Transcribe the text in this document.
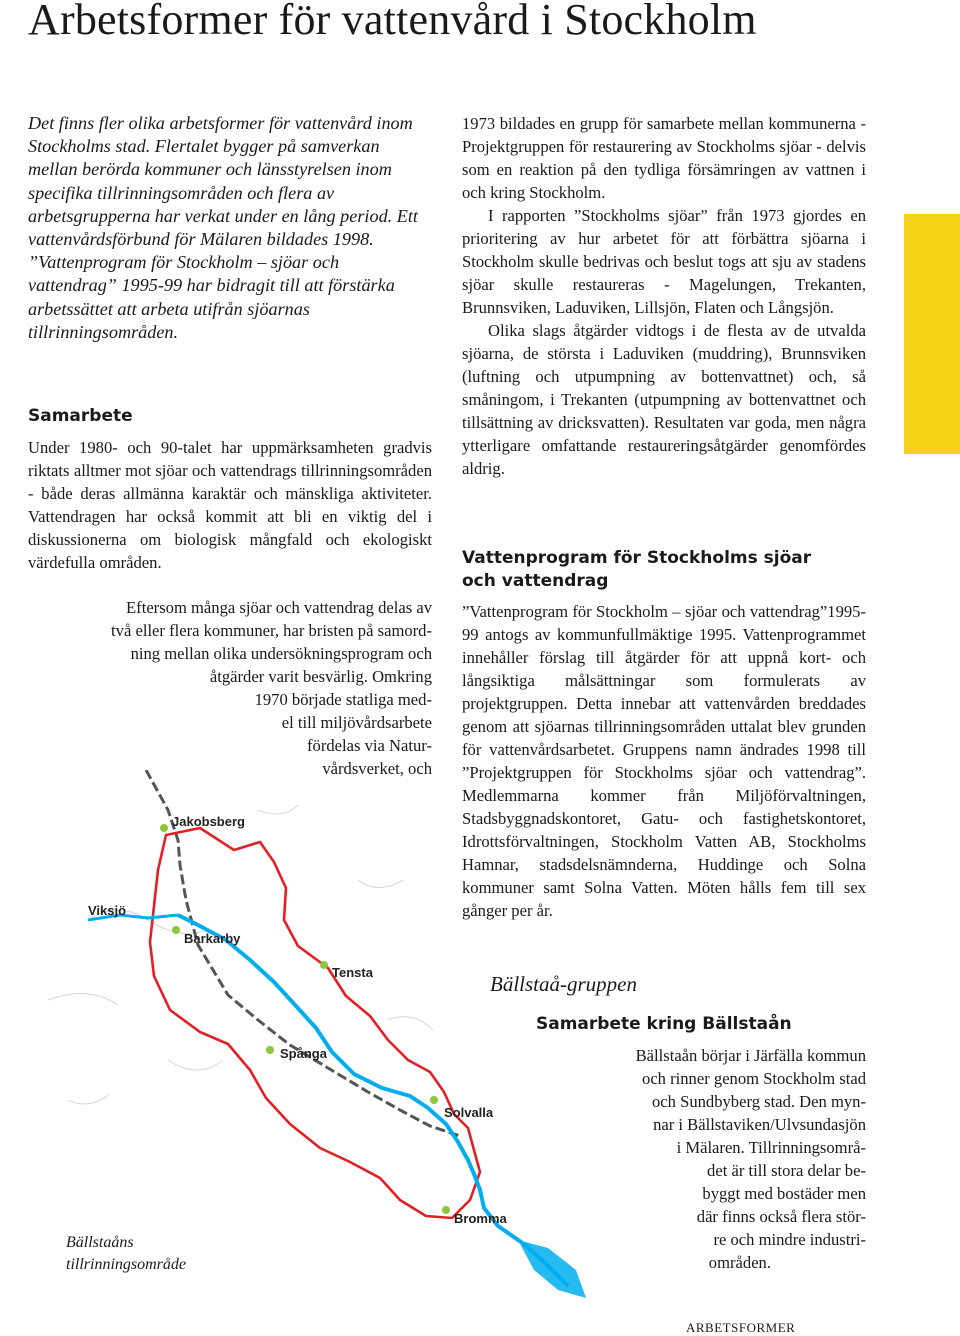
Arbetsformer för vattenvård i Stockholm

Det finns fler olika arbetsformer för vattenvård inom Stockholms stad. Flertalet bygger på samverkan mellan berörda kommuner och länsstyrelsen inom specifika tillrinningsområden och flera av arbetsgrupperna har verkat under en lång period. Ett vattenvårdsförbund för Mälaren bildades 1998. ”Vattenprogram för Stockholm – sjöar och vattendrag” 1995-99 har bidragit till att förstärka arbetssättet att arbeta utifrån sjöarnas tillrinningsområden.

Samarbete

Under 1980- och 90-talet har uppmärksamheten gradvis riktats alltmer mot sjöar och vattendrags tillrinningsområden - både deras allmänna karaktär och mänskliga aktiviteter. Vattendragen har också kommit att bli en viktig del i diskussionerna om biologisk mångfald och ekologiskt värdefulla områden.

Eftersom många sjöar och vattendrag delas av
två eller flera kommuner, har bristen på samord-
ning mellan olika undersökningsprogram och
åtgärder varit besvärlig. Omkring
1970 började statliga med-
el till miljövårdsarbete
fördelas via Natur-
vårdsverket, och

1973 bildades en grupp för samarbete mellan kommunerna - Projektgruppen för restaurering av Stockholms sjöar - delvis som en reaktion på den tydliga försämringen av vattnen i och kring Stockholm.

I rapporten ”Stockholms sjöar” från 1973 gjordes en prioritering av hur arbetet för att förbättra sjöarna i Stockholm skulle bedrivas och beslut togs att sju av stadens sjöar skulle restaureras - Magelungen, Trekanten, Brunnsviken, Laduviken, Lillsjön, Flaten och Långsjön.

Olika slags åtgärder vidtogs i de flesta av de utvalda sjöarna, de största i Laduviken (muddring), Brunnsviken (luftning och utpumpning av bottenvattnet) och, så småningom, i Trekanten (utpumpning av bottenvattnet och tillsättning av dricksvatten). Resultaten var goda, men några ytterligare omfattande restaureringsåtgärder genomfördes aldrig.

Vattenprogram för Stockholms sjöar
och vattendrag

”Vattenprogram för Stockholm – sjöar och vattendrag”1995-99 antogs av kommunfullmäktige 1995. Vattenprogrammet innehåller förslag till åtgärder för att uppnå kort- och långsiktiga målsättningar som formulerats av projektgruppen. Detta innebar att vattenvården breddades genom att sjöarnas tillrinningsområden uttalat blev grunden för vattenvårdsarbetet. Gruppens namn ändrades 1998 till ”Projektgruppen för Stockholms sjöar och vattendrag”. Medlemmarna kommer från Miljöförvaltningen, Stadsbyggnadskontoret, Gatu- och fastighetskontoret, Idrottsförvaltningen, Stockholm Vatten AB, Stockholms Hamnar, stadsdelsnämnderna, Huddinge och Solna kommuner samt Solna Vatten. Möten hålls fem till sex gånger per år.

Bällstaå-gruppen
Samarbete kring Bällstaån
Bällstaån börjar i Järfälla kommun
och rinner genom Stockholm stad
och Sundbyberg stad. Den myn-
nar i Bällstaviken/Ulvsundasjön
i Mälaren. Tillrinningsområ-
det är till stora delar be-
byggt med bostäder men
där finns också flera stör-
re och mindre industri-
områden.
Jakobsberg
Viksjö
Barkarby
Tensta
Spånga
Solvalla
Bromma
Bällstaåns
tillrinningsområde
ARBETSFORMER
